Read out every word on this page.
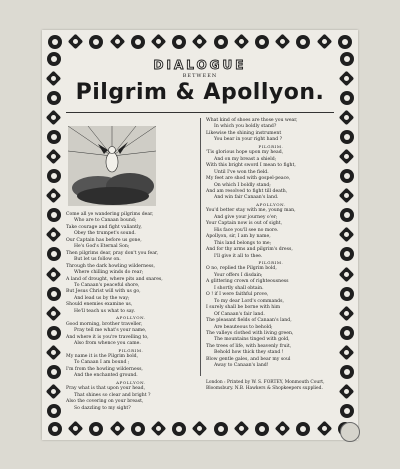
DIALOGUE
BETWEEN
Pilgrim & Apollyon.
Come all ye wandering pilgrims dear,
Who are to Canaan bound;
Take courage and fight valiantly,
Obey the trumpet's sound.
Our Captain has before us gone,
He's God's Eternal Son;
Then pilgrims dear, pray don't you fear,
But let us follow on.
Through the dark howling wilderness,
Where chilling winds do rear;
A land of drought, where pits and snares,
To Canaan's peaceful shore,
But Jesus Christ will with us go,
And lead us by the way;
Should enemies examine us,
He'll teach us what to say.
APOLLYON.
Good morning, brother traveller,
Pray tell me what's your name,
And where it is you're travelling to,
Also from whence you came.
PILGRIM.
My name it is the Pilgrim bold,
To Canaan I am bound ;
I'm from the howling wilderness,
And the enchanted ground.
APOLLYON.
Pray what is that upon your head,
That shines so clear and bright ?
Also the covering on your breast,
So dazzling to my sight?
What kind of shoes are those you wear,
In which you boldly stand?
Likewise the shining instrument
You bear in your right hand ?
PILGRIM.
'Tis glorious hope upon my head,
And on my breast a shield;
With this bright sword I mean to fight,
Until I've won the field.
My feet are shod with gospel-peace,
On which I boldly stand;
And am resolved to fight till death,
And win fair Canaan's land.
APOLLYON.
You'd better stay with me, young man,
And give your journey o'er;
Your Captain now is out of sight,
His face you'll see no more.
Apollyon, sir, I am by name,
This land belongs to me;
And for thy arms and pilgrim's dress,
I'll give it all to thee.
PILGRIM.
O no, replied the Pilgrim bold,
Your offers I disdain;
A glittering crown of righteousness
I shortly shall obtain.
O ! if I were faithful prove,
To my dear Lord's commands,
I surely shall be borne with him
Of Canaan's fair land.
The pleasant fields of Canaan's land,
Are beauteous to behold;
The valleys clothed with living green,
The mountains tinged with gold,
The trees of life, with heavenly fruit,
Behold how thick they stand !
Blow gentle gales, and bear my soul
Away to Canaan's land!
London : Printed by W. S. FORTEY, Monmouth Court, Bloomsbury. N.B. Hawkers & Shopkeepers supplied.
